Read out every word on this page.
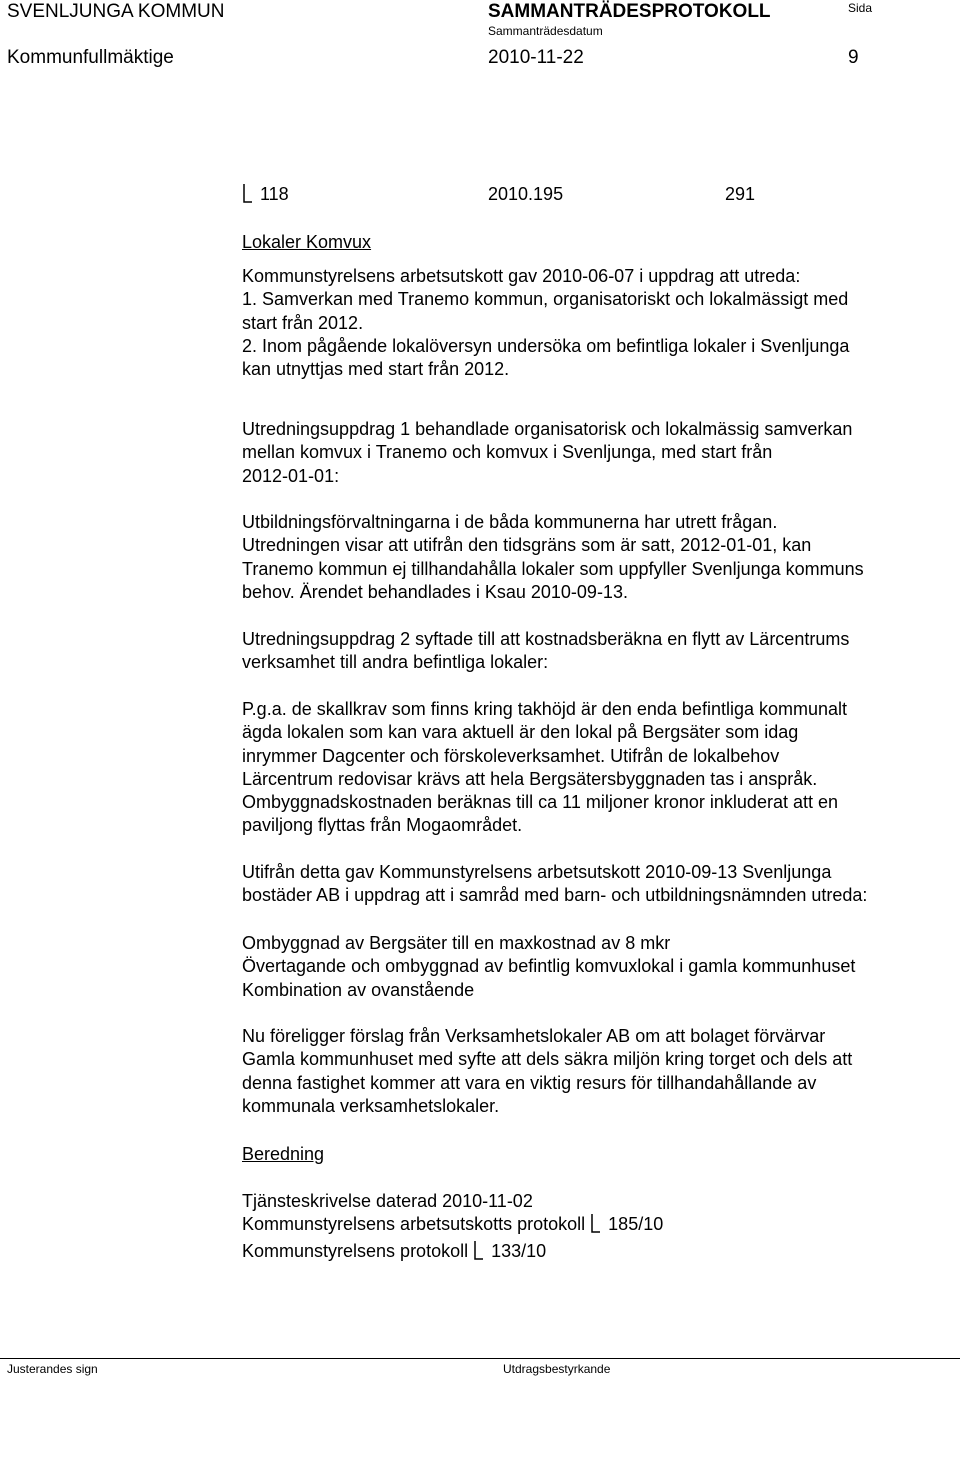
SVENLJUNGA KOMMUN	SAMMANTRÄDESPROTOKOLL	Sida
Sammanträdesdatum
Kommunfullmäktige	2010-11-22	9
118	2010.195	291
Lokaler Komvux

Kommunstyrelsens arbetsutskott gav 2010-06-07 i uppdrag att utreda:

1. Samverkan med Tranemo kommun, organisatoriskt och lokalmässigt med

start från 2012.

2. Inom pågående lokalöversyn undersöka om befintliga lokaler i Svenljunga

kan utnyttjas med start från 2012.

Utredningsuppdrag 1 behandlade organisatorisk och lokalmässig samverkan

mellan komvux i Tranemo och komvux i Svenljunga, med start från

2012-01-01:

Utbildningsförvaltningarna i de båda kommunerna har utrett frågan.

Utredningen visar att utifrån den tidsgräns som är satt, 2012-01-01, kan

Tranemo kommun ej tillhandahålla lokaler som uppfyller Svenljunga kommuns

behov. Ärendet behandlades i Ksau 2010-09-13.

Utredningsuppdrag 2 syftade till att kostnadsberäkna en flytt av Lärcentrums

verksamhet till andra befintliga lokaler:

P.g.a. de skallkrav som finns kring takhöjd är den enda befintliga kommunalt

ägda lokalen som kan vara aktuell är den lokal på Bergsäter som idag

inrymmer Dagcenter och förskoleverksamhet. Utifrån de lokalbehov

Lärcentrum redovisar krävs att hela Bergsätersbyggnaden tas i anspråk.

Ombyggnadskostnaden beräknas till ca 11 miljoner kronor inkluderat att en

paviljong flyttas från Mogaområdet.

Utifrån detta gav Kommunstyrelsens arbetsutskott 2010-09-13 Svenljunga

bostäder AB i uppdrag att i samråd med barn- och utbildningsnämnden utreda:

Ombyggnad av Bergsäter till en maxkostnad av 8 mkr

Övertagande och ombyggnad av befintlig komvuxlokal i gamla kommunhuset

Kombination av ovanstående

Nu föreligger förslag från Verksamhetslokaler AB om att bolaget förvärvar

Gamla kommunhuset med syfte att dels säkra miljön kring torget och dels att

denna fastighet kommer att vara en viktig resurs för tillhandahållande av

kommunala verksamhetslokaler.

Beredning

Tjänsteskrivelse daterad 2010-11-02

Kommunstyrelsens arbetsutskotts protokoll 185/10

Kommunstyrelsens protokoll 133/10

Justerandes sign	Utdragsbestyrkande
